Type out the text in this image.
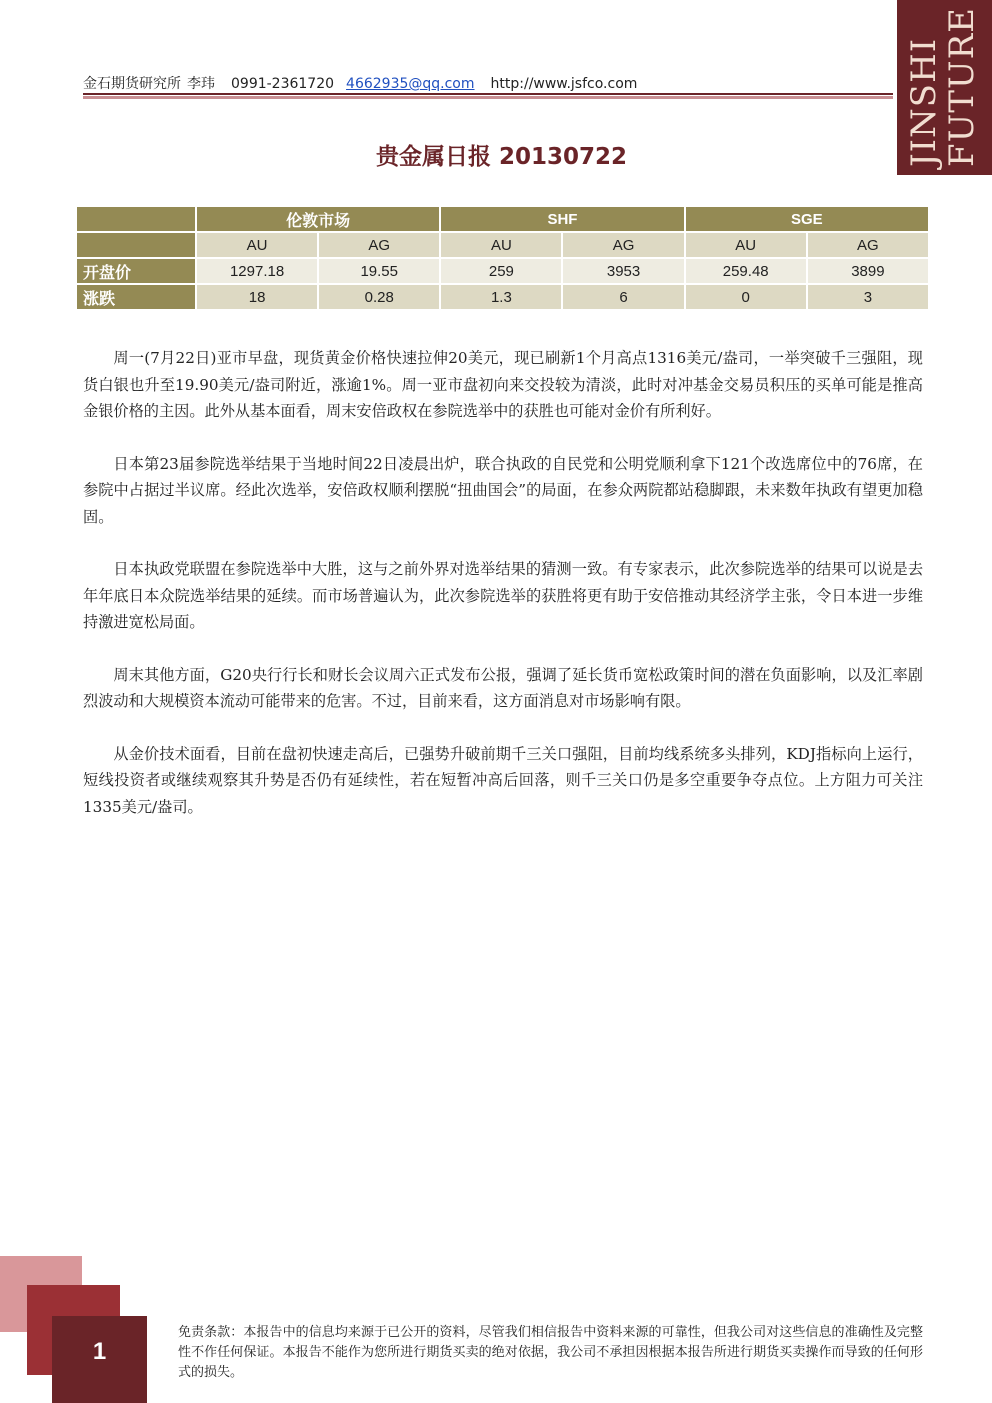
JINSHI
FUTURE
金石期货研究所 李玮 0991-2361720 4662935@qq.com http://www.jsfco.com
贵金属日报 20130722
	伦敦市场		SHF		SGE	
	AU	AG	AU	AG	AU	AG
开盘价	1297.18	19.55	259	3953	259.48	3899
涨跌	18	0.28	1.3	6	0	3

周一(7月22日)亚市早盘，现货黄金价格快速拉伸20美元，现已刷新1个月高点1316美元/盎司，一举突破千三强阻，现货白银也升至19.90美元/盎司附近，涨逾1%。周一亚市盘初向来交投较为清淡，此时对冲基金交易员积压的买单可能是推高金银价格的主因。此外从基本面看，周末安倍政权在参院选举中的获胜也可能对金价有所利好。

日本第23届参院选举结果于当地时间22日凌晨出炉，联合执政的自民党和公明党顺利拿下121个改选席位中的76席，在参院中占据过半议席。经此次选举，安倍政权顺利摆脱“扭曲国会”的局面，在参众两院都站稳脚跟，未来数年执政有望更加稳固。

日本执政党联盟在参院选举中大胜，这与之前外界对选举结果的猜测一致。有专家表示，此次参院选举的结果可以说是去年年底日本众院选举结果的延续。而市场普遍认为，此次参院选举的获胜将更有助于安倍推动其经济学主张，令日本进一步维持激进宽松局面。

周末其他方面，G20央行行长和财长会议周六正式发布公报，强调了延长货币宽松政策时间的潜在负面影响，以及汇率剧烈波动和大规模资本流动可能带来的危害。不过，目前来看，这方面消息对市场影响有限。

从金价技术面看，目前在盘初快速走高后，已强势升破前期千三关口强阻，目前均线系统多头排列，KDJ指标向上运行，短线投资者或继续观察其升势是否仍有延续性，若在短暂冲高后回落，则千三关口仍是多空重要争夺点位。上方阻力可关注1335美元/盎司。

1
免责条款：本报告中的信息均来源于已公开的资料，尽管我们相信报告中资料来源的可靠性，但我公司对这些信息的准确性及完整性不作任何保证。本报告不能作为您所进行期货买卖的绝对依据，我公司不承担因根据本报告所进行期货买卖操作而导致的任何形式的损失。
